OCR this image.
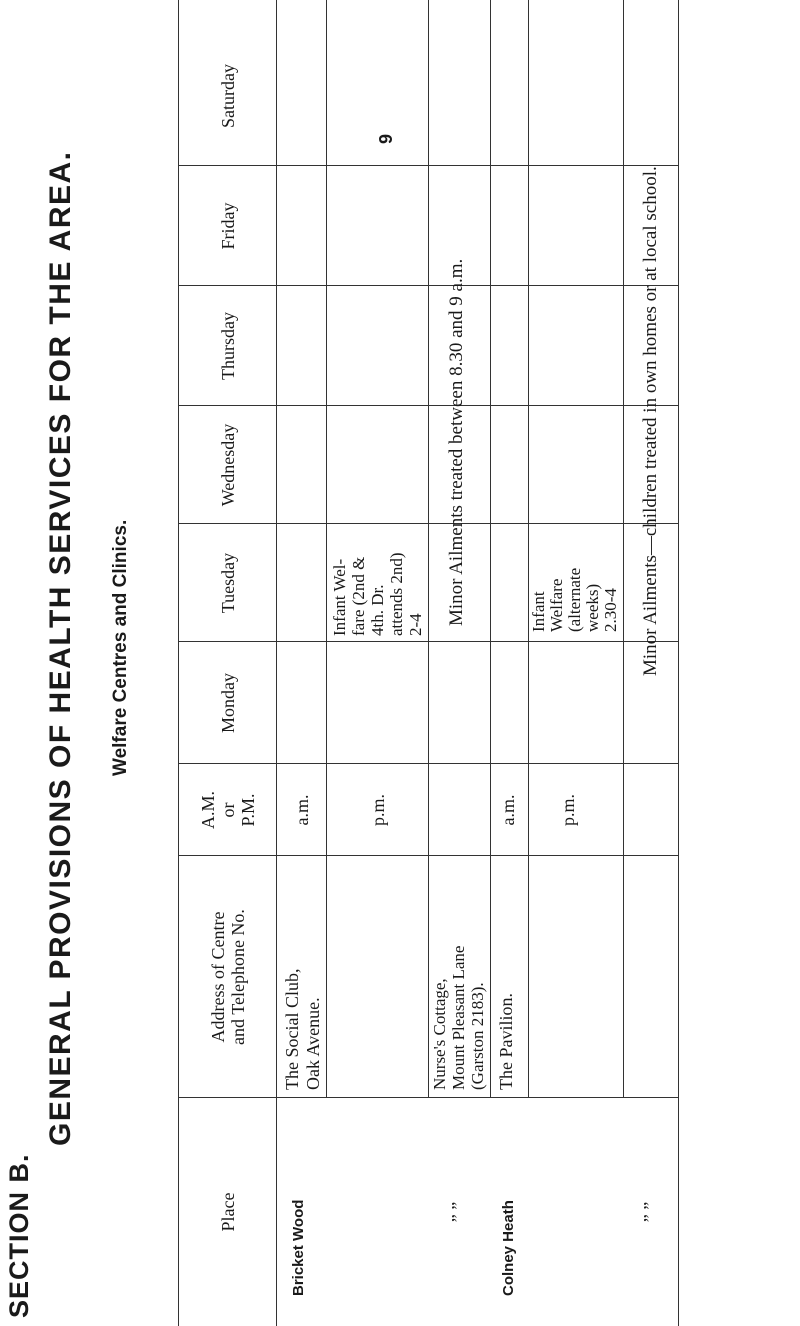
SECTION B.
9
GENERAL PROVISIONS OF HEALTH SERVICES FOR THE AREA. Welfare Centres and Clinics.
Place
Address of Centre and Telephone No.
A.M. or P.M.
Monday
Tuesday
Wednesday
Thursday
Friday
Saturday
Bricket Wood
The Social Club, Oak Avenue.
a.m.	p.m.
Infant Wel- fare (2nd & 4th. Dr. attends 2nd) 2-4
” ”
Nurse's Cottage, Mount Pleasant Lane (Garston 2183).
Minor Ailments treated between 8.30 and 9 a.m.
Colney Heath
The Pavilion.
a.m. p.m.
Infant Welfare (alternate weeks) 2.30-4
” ”
Minor Ailments—children treated in own homes or at local school.
